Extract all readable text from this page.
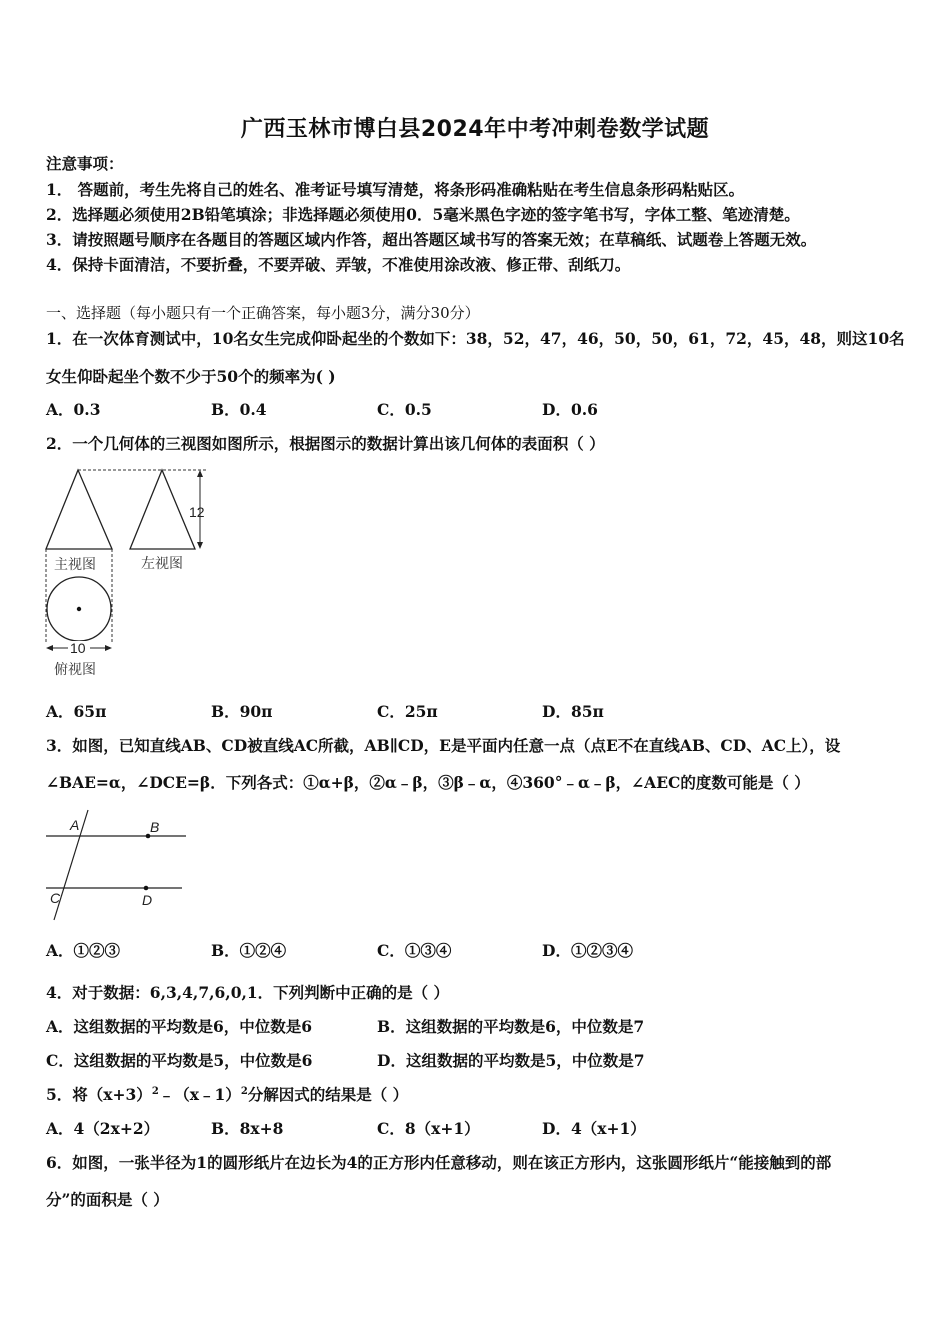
广西玉林市博白县2024年中考冲刺卷数学试题
注意事项：
1． 答题前，考生先将自己的姓名、准考证号填写清楚，将条形码准确粘贴在考生信息条形码粘贴区。
2．选择题必须使用2B铅笔填涂；非选择题必须使用0．5毫米黑色字迹的签字笔书写，字体工整、笔迹清楚。
3．请按照题号顺序在各题目的答题区域内作答，超出答题区域书写的答案无效；在草稿纸、试题卷上答题无效。
4．保持卡面清洁，不要折叠，不要弄破、弄皱，不准使用涂改液、修正带、刮纸刀。
一、选择题（每小题只有一个正确答案，每小题3分，满分30分）
1．在一次体育测试中，10名女生完成仰卧起坐的个数如下：38，52，47，46，50，50，61，72，45，48，则这10名
女生仰卧起坐个数不少于50个的频率为( )
A．0.3	B．0.4	C．0.5	D．0.6
2．一个几何体的三视图如图所示，根据图示的数据计算出该几何体的表面积（ ）
12
主视图	左视图
10
俯视图
A．65π	B．90π	C．25π	D．85π
3．如图，已知直线AB、CD被直线AC所截，AB∥CD，E是平面内任意一点（点E不在直线AB、CD、AC上），设
∠BAE=α，∠DCE=β．下列各式：①α+β，②α﹣β，③β﹣α，④360°﹣α﹣β，∠AEC的度数可能是（ ）
A	B
C	D
A．①②③	B．①②④	C．①③④	D．①②③④
4．对于数据：6,3,4,7,6,0,1．下列判断中正确的是（ ）
A．这组数据的平均数是6，中位数是6	B．这组数据的平均数是6，中位数是7
C．这组数据的平均数是5，中位数是6	D．这组数据的平均数是5，中位数是7
5．将$(x+3)^2﹣(x﹣1)^2$分解因式的结果是（ ）
A．4（2x+2）	B．8x+8	C．8（x+1）	D．4（x+1）
6．如图，一张半径为1的圆形纸片在边长为4的正方形内任意移动，则在该正方形内，这张圆形纸片“能接触到的部
分”的面积是（ ）
